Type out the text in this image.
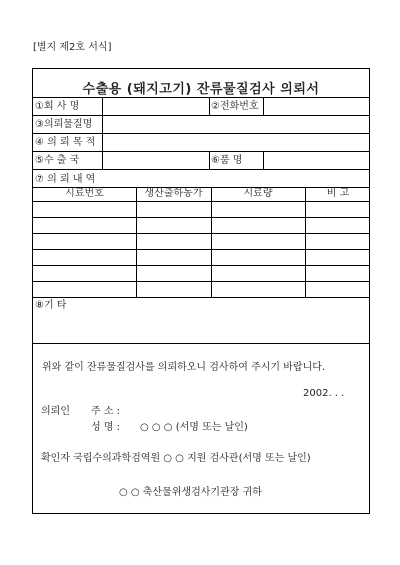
[별지 제2호 서식]
수출용 (돼지고기) 잔류물질검사 의뢰서
①회 사 명	②전화번호
③의뢰물질명
④ 의 뢰 목 적
⑤수 출 국	⑥품 명
⑦ 의 뢰 내 역
시료번호	생산출하농가	시료량	비 고
⑧기 타
위와 같이 잔류물질검사를 의뢰하오니 검사하여 주시기 바랍니다.
2002. . .
의뢰인 주 소 :
성 명 : ○ ○ ○ (서명 또는 날인)
확인자 국립수의과학검역원 ○ ○ 지원 검사관(서명 또는 날인)
○ ○ 축산물위생검사기관장 귀하
